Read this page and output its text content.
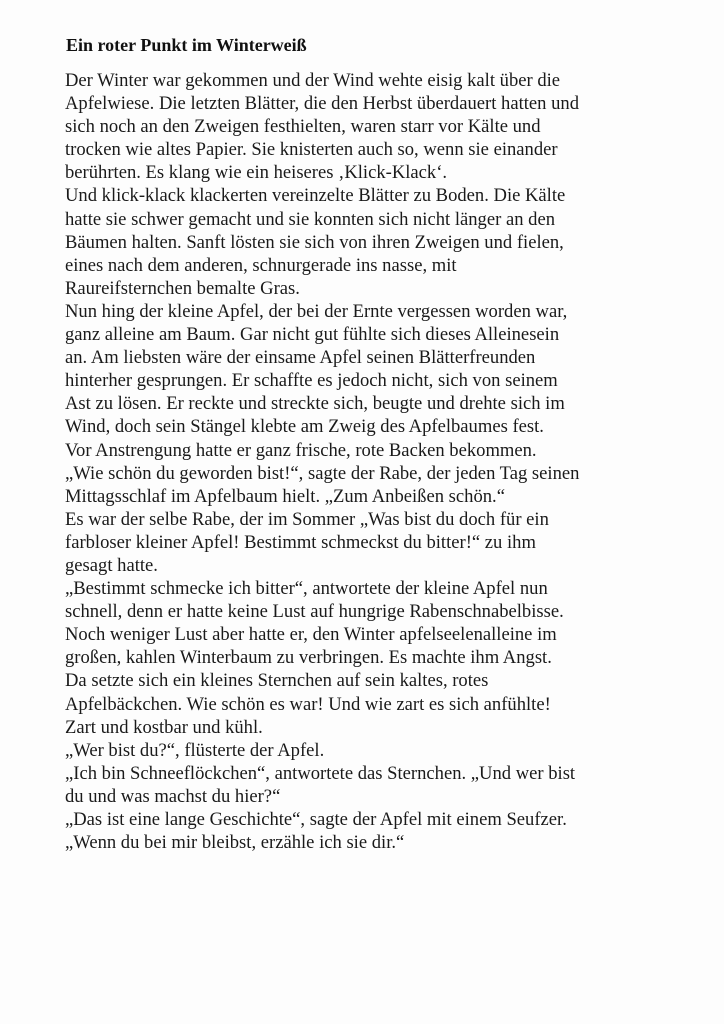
Ein roter Punkt im Winterweiß
Der Winter war gekommen und der Wind wehte eisig kalt über die
Apfelwiese. Die letzten Blätter, die den Herbst überdauert hatten und
sich noch an den Zweigen festhielten, waren starr vor Kälte und
trocken wie altes Papier. Sie knisterten auch so, wenn sie einander
berührten. Es klang wie ein heiseres ‚Klick-Klack‘.
Und klick-klack klackerten vereinzelte Blätter zu Boden. Die Kälte
hatte sie schwer gemacht und sie konnten sich nicht länger an den
Bäumen halten. Sanft lösten sie sich von ihren Zweigen und fielen,
eines nach dem anderen, schnurgerade ins nasse, mit
Raureifsternchen bemalte Gras.
Nun hing der kleine Apfel, der bei der Ernte vergessen worden war,
ganz alleine am Baum. Gar nicht gut fühlte sich dieses Alleinesein
an. Am liebsten wäre der einsame Apfel seinen Blätterfreunden
hinterher gesprungen. Er schaffte es jedoch nicht, sich von seinem
Ast zu lösen. Er reckte und streckte sich, beugte und drehte sich im
Wind, doch sein Stängel klebte am Zweig des Apfelbaumes fest.
Vor Anstrengung hatte er ganz frische, rote Backen bekommen.
„Wie schön du geworden bist!“, sagte der Rabe, der jeden Tag seinen
Mittagsschlaf im Apfelbaum hielt. „Zum Anbeißen schön.“
Es war der selbe Rabe, der im Sommer „Was bist du doch für ein
farbloser kleiner Apfel! Bestimmt schmeckst du bitter!“ zu ihm
gesagt hatte.
„Bestimmt schmecke ich bitter“, antwortete der kleine Apfel nun
schnell, denn er hatte keine Lust auf hungrige Rabenschnabelbisse.
Noch weniger Lust aber hatte er, den Winter apfelseelenalleine im
großen, kahlen Winterbaum zu verbringen. Es machte ihm Angst.
Da setzte sich ein kleines Sternchen auf sein kaltes, rotes
Apfelbäckchen. Wie schön es war! Und wie zart es sich anfühlte!
Zart und kostbar und kühl.
„Wer bist du?“, flüsterte der Apfel.
„Ich bin Schneeflöckchen“, antwortete das Sternchen. „Und wer bist
du und was machst du hier?“
„Das ist eine lange Geschichte“, sagte der Apfel mit einem Seufzer.
„Wenn du bei mir bleibst, erzähle ich sie dir.“
